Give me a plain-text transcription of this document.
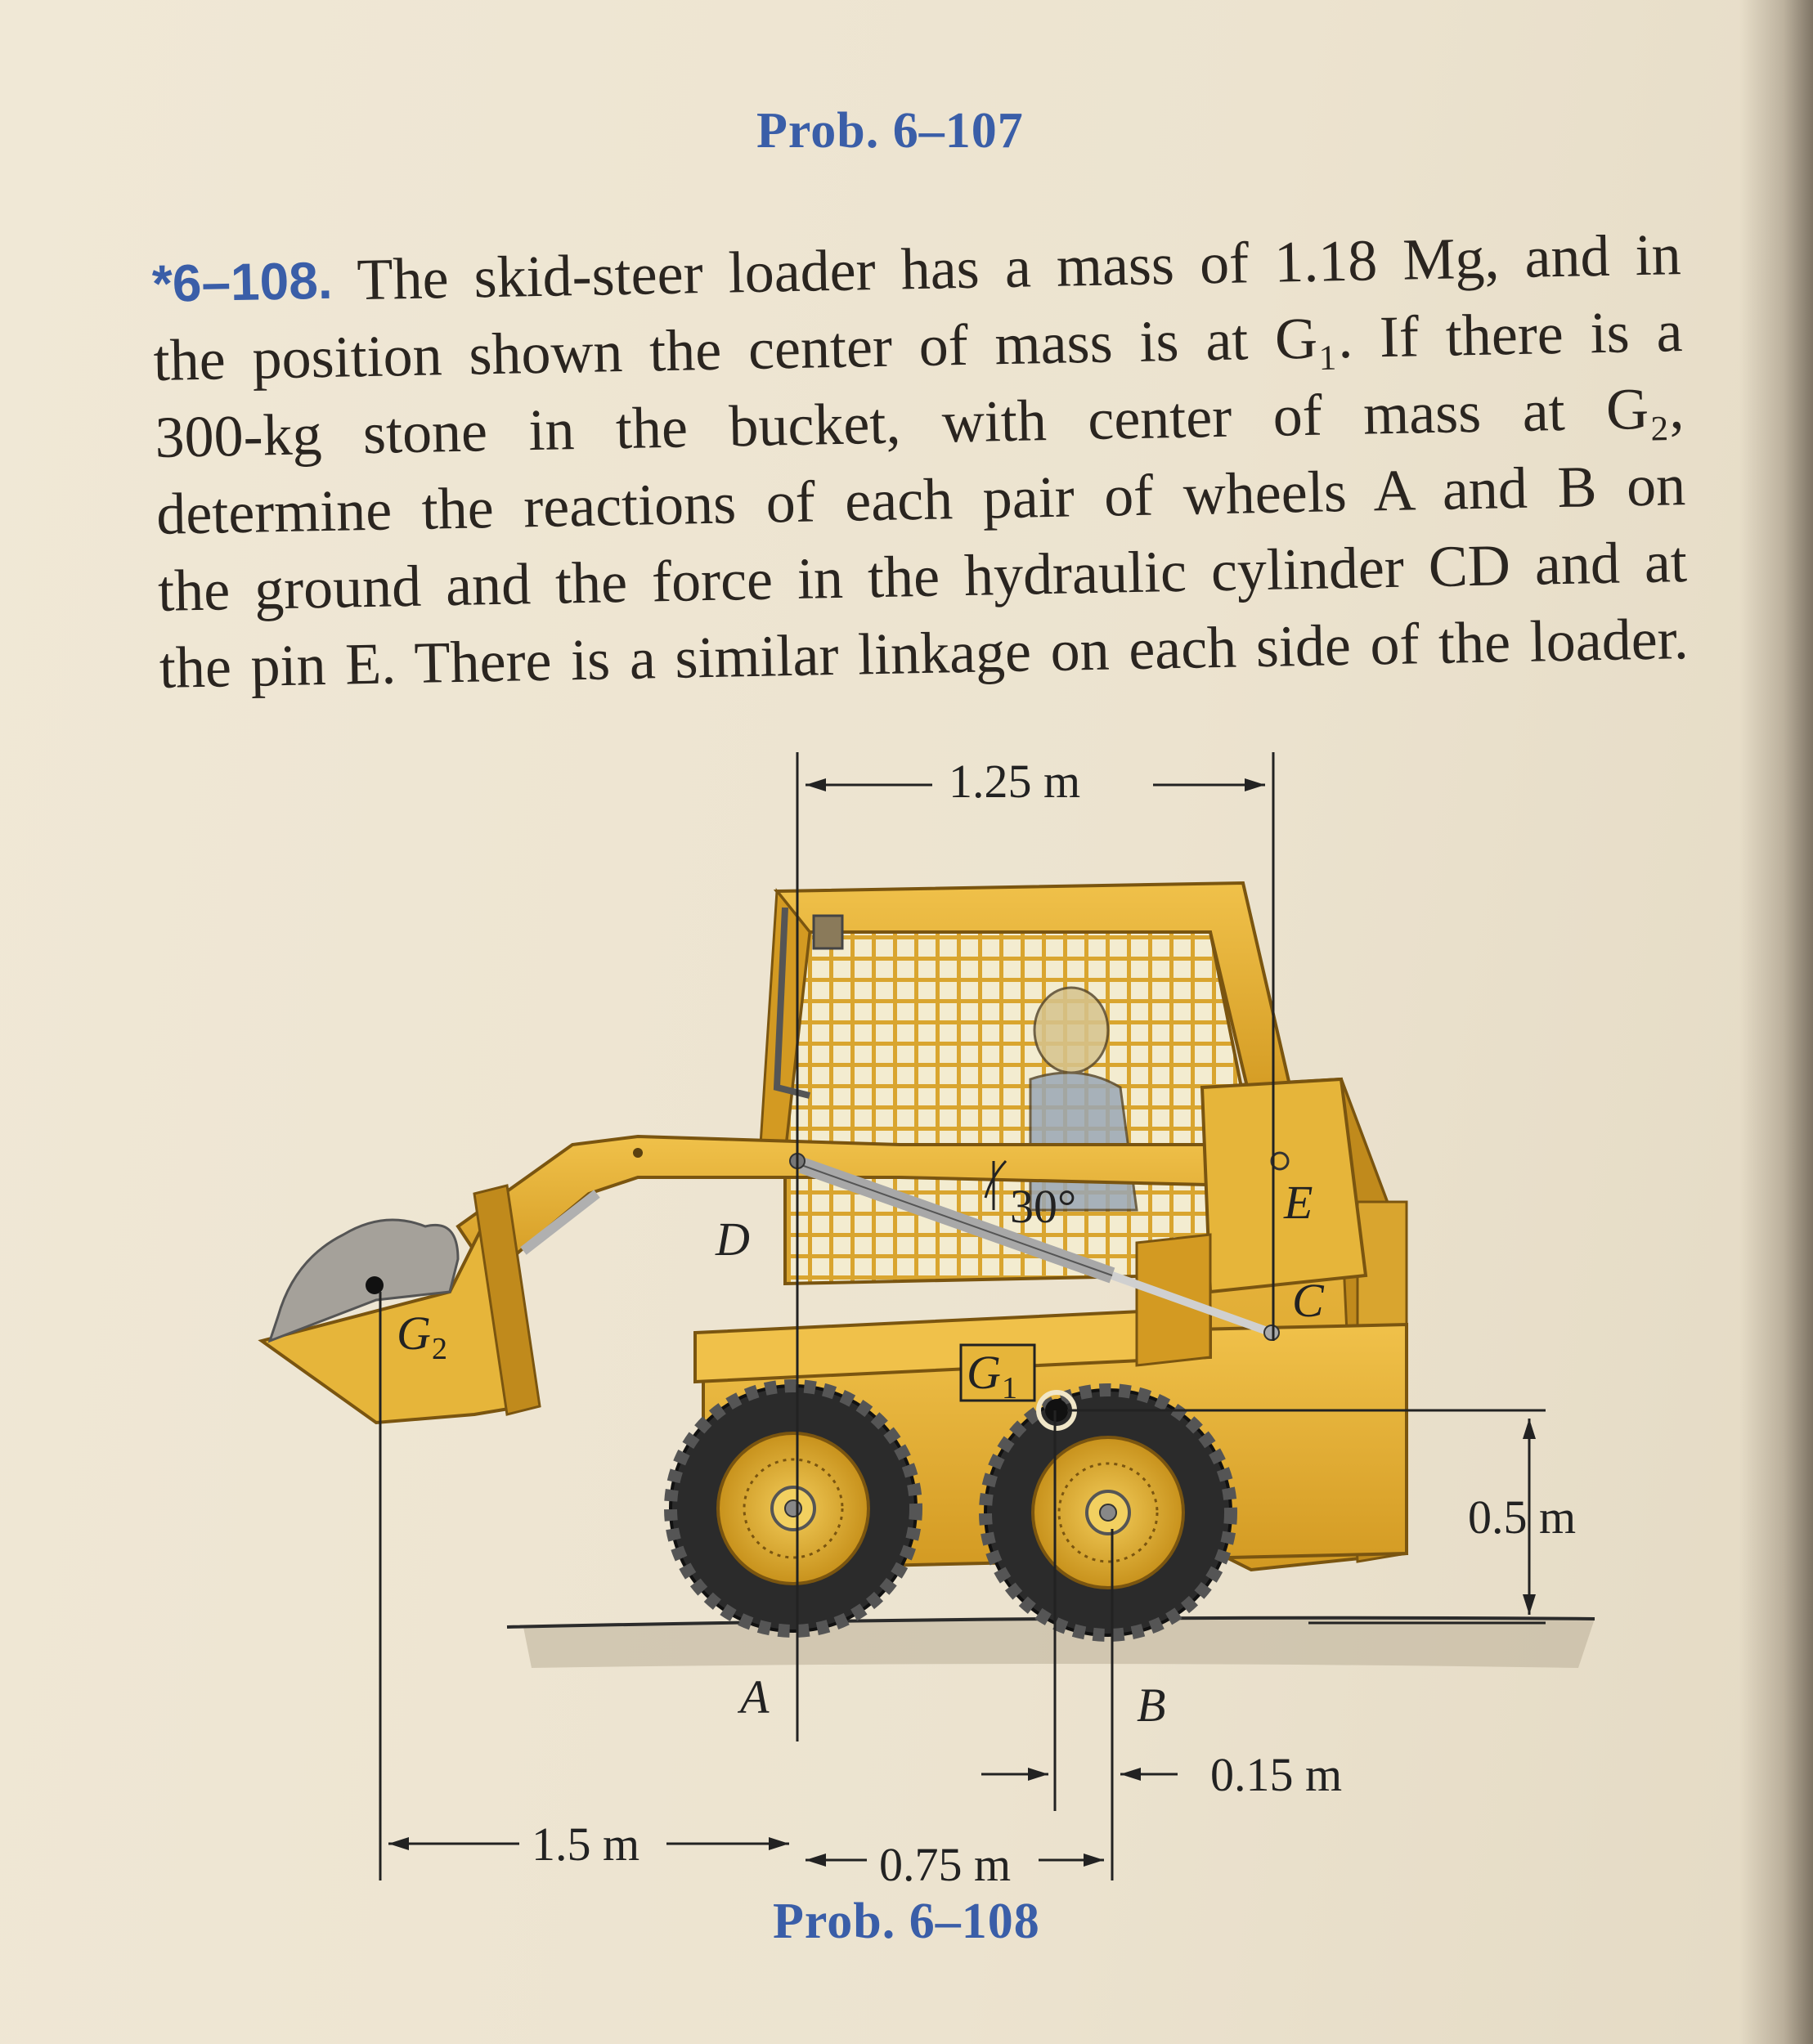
Prob. 6–107
*6–108. The skid-steer loader has a mass of 1.18 Mg, and in
the position shown the center of mass is at G₁. If there is a
300-kg stone in the bucket, with center of mass at G₂,
determine the reactions of each pair of wheels A and B on
the ground and the force in the hydraulic cylinder CD and at
the pin E. There is a similar linkage on each side of the loader.
1.25 m
0.5 m
1.5 m	0.75 m
0.15 m
30°
A	B
C
D
E
G 1
G 2
Prob. 6–108
